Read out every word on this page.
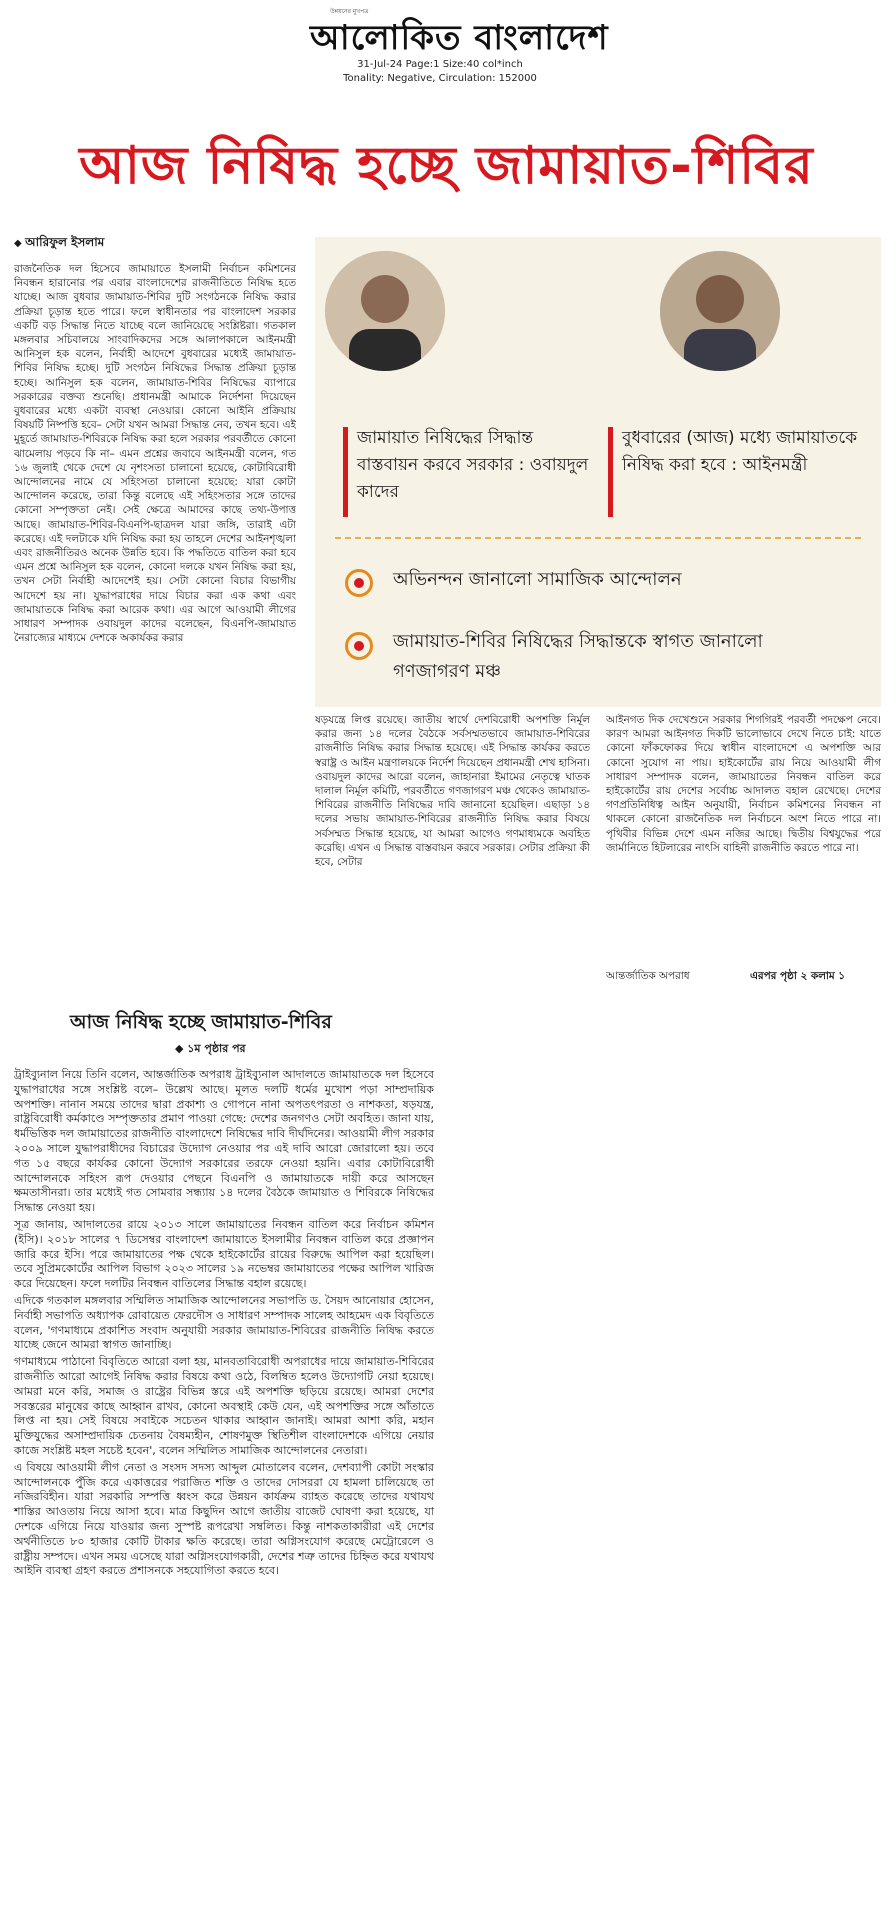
উন্নয়নের মুখপত্র
আলোকিত বাংলাদেশ
31-Jul-24 Page:1 Size:40 col*inch
Tonality: Negative, Circulation: 152000
আজ নিষিদ্ধ হচ্ছে জামায়াত-শিবির
◆ আরিফুল ইসলাম
রাজনৈতিক দল হিসেবে জামায়াতে ইসলামী নির্বাচন কমিশনের নিবন্ধন হারানোর পর এবার বাংলাদেশের রাজনীতিতে নিষিদ্ধ হতে যাচ্ছে। আজ বুধবার জামায়াত-শিবির দুটি সংগঠনকে নিষিদ্ধ করার প্রক্রিয়া চূড়ান্ত হতে পারে। ফলে স্বাধীনতার পর বাংলাদেশ সরকার একটি বড় সিদ্ধান্ত নিতে যাচ্ছে বলে জানিয়েছে সংশ্লিষ্টরা। গতকাল মঙ্গলবার সচিবালয়ে সাংবাদিকদের সঙ্গে আলাপকালে আইনমন্ত্রী আনিসুল হক বলেন, নির্বাহী আদেশে বুধবারের মধ্যেই জামায়াত-শিবির নিষিদ্ধ হচ্ছে। দুটি সংগঠন নিষিদ্ধের সিদ্ধান্ত প্রক্রিয়া চূড়ান্ত হচ্ছে। আনিসুল হক বলেন, জামায়াত-শিবির নিষিদ্ধের ব্যাপারে সরকারের বক্তব্য শুনেছি। প্রধানমন্ত্রী আমাকে নির্দেশনা দিয়েছেন বুধবারের মধ্যে একটা ব্যবস্থা নেওয়ার। কোনো আইনি প্রক্রিয়ায় বিষয়টি নিষ্পত্তি হবে– সেটা যখন আমরা সিদ্ধান্ত নেব, তখন হবে। এই মুহূর্তে জামায়াত-শিবিরকে নিষিদ্ধ করা হলে সরকার পরবর্তীতে কোনো ঝামেলায় পড়বে কি না– এমন প্রশ্নের জবাবে আইনমন্ত্রী বলেন, গত ১৬ জুলাই থেকে দেশে যে নৃশংসতা চালানো হয়েছে, কোটাবিরোধী আন্দোলনের নামে যে সহিংসতা চালানো হয়েছে: যারা কোটা আন্দোলন করেছে, তারা কিন্তু বলেছে এই সহিংসতার সঙ্গে তাদের কোনো সম্পৃক্ততা নেই। সেই ক্ষেত্রে আমাদের কাছে তথ্য-উপাত্ত আছে। জামায়াত-শিবির-বিএনপি-ছাত্রদল যারা জঙ্গি, তারাই এটা করেছে। এই দলটাকে যদি নিষিদ্ধ করা হয় তাহলে দেশের আইনশৃঙ্খলা এবং রাজনীতিরও অনেক উন্নতি হবে। কি পদ্ধতিতে বাতিল করা হবে এমন প্রশ্নে আনিসুল হক বলেন, কোনো দলকে যখন নিষিদ্ধ করা হয়, তখন সেটা নির্বাহী আদেশেই হয়। সেটা কোনো বিচার বিভাগীয় আদেশে হয় না। যুদ্ধাপরাধের দায়ে বিচার করা এক কথা এবং জামায়াতকে নিষিদ্ধ করা আরেক কথা। এর আগে আওয়ামী লীগের সাধারণ সম্পাদক ওবায়দুল কাদের বলেছেন, বিএনপি-জামায়াত নৈরাজ্যের মাধ্যমে দেশকে অকার্যকর করার
জামায়াত নিষিদ্ধের সিদ্ধান্ত বাস্তবায়ন করবে সরকার : ওবায়দুল কাদের
বুধবারের (আজ) মধ্যে জামায়াতকে নিষিদ্ধ করা হবে : আইনমন্ত্রী
অভিনন্দন জানালো সামাজিক আন্দোলন
জামায়াত-শিবির নিষিদ্ধের সিদ্ধান্তকে স্বাগত জানালো গণজাগরণ মঞ্চ
ষড়যন্ত্রে লিপ্ত রয়েছে। জাতীয় স্বার্থে দেশবিরোধী অপশক্তি নির্মূল করার জন্য ১৪ দলের বৈঠকে সর্বসম্মতভাবে জামায়াত-শিবিরের রাজনীতি নিষিদ্ধ করার সিদ্ধান্ত হয়েছে। এই সিদ্ধান্ত কার্যকর করতে স্বরাষ্ট্র ও আইন মন্ত্রণালয়কে নির্দেশ দিয়েছেন প্রধানমন্ত্রী শেখ হাসিনা। ওবায়দুল কাদের আরো বলেন, জাহানারা ইমামের নেতৃত্বে ঘাতক দালাল নির্মূল কমিটি, পরবর্তীতে গণজাগরণ মঞ্চ থেকেও জামায়াত-শিবিরের রাজনীতি নিষিদ্ধের দাবি জানানো হয়েছিল। এছাড়া ১৪ দলের সভায় জামায়াত-শিবিরের রাজনীতি নিষিদ্ধ করার বিষয়ে সর্বসম্মত সিদ্ধান্ত হয়েছে, যা আমরা আগেও গণমাধ্যমকে অবহিত করেছি। এখন এ সিদ্ধান্ত বাস্তবায়ন করবে সরকার। সেটার প্রক্রিয়া কী হবে, সেটার
আইনগত দিক দেখেশুনে সরকার শিগগিরই পরবর্তী পদক্ষেপ নেবে। কারণ আমরা আইনগত দিকটি ভালোভাবে দেখে নিতে চাই: যাতে কোনো ফাঁকফোকর দিয়ে স্বাধীন বাংলাদেশে এ অপশক্তি আর কোনো সুযোগ না পায়। হাইকোর্টের রায় নিয়ে আওয়ামী লীগ সাধারণ সম্পাদক বলেন, জামায়াতের নিবন্ধন বাতিল করে হাইকোর্টের রায় দেশের সর্বোচ্চ আদালত বহাল রেখেছে। দেশের গণপ্রতিনিধিত্ব আইন অনুযায়ী, নির্বাচন কমিশনের নিবন্ধন না থাকলে কোনো রাজনৈতিক দল নির্বাচনে অংশ নিতে পারে না। পৃথিবীর বিভিন্ন দেশে এমন নজির আছে। দ্বিতীয় বিশ্বযুদ্ধের পরে জার্মানিতে হিটলারের নাৎসি বাহিনী রাজনীতি করতে পারে না।
আন্তর্জাতিক অপরাধ	এরপর পৃষ্ঠা ২ কলাম ১
আজ নিষিদ্ধ হচ্ছে জামায়াত-শিবির
◆ ১ম পৃষ্ঠার পর

ট্রাইব্যুনাল নিয়ে তিনি বলেন, আন্তর্জাতিক অপরাধ ট্রাইব্যুনাল আদালতে জামায়াতকে দল হিসেবে যুদ্ধাপরাধের সঙ্গে সংশ্লিষ্ট বলে– উল্লেখ আছে। মূলত দলটি ধর্মের মুখোশ পড়া সাম্প্রদায়িক অপশক্তি। নানান সময়ে তাদের দ্বারা প্রকাশ্য ও গোপনে নানা অপতৎপরতা ও নাশকতা, ষড়যন্ত্র, রাষ্ট্রবিরোধী কর্মকাণ্ডে সম্পৃক্ততার প্রমাণ পাওয়া গেছে: দেশের জনগণও সেটা অবহিত। জানা যায়, ধর্মভিত্তিক দল জামায়াতের রাজনীতি বাংলাদেশে নিষিদ্ধের দাবি দীর্ঘদিনের। আওয়ামী লীগ সরকার ২০০৯ সালে যুদ্ধাপরাধীদের বিচারের উদ্যোগ নেওয়ার পর এই দাবি আরো জোরালো হয়। তবে গত ১৫ বছরে কার্যকর কোনো উদ্যোগ সরকারের তরফে নেওয়া হয়নি। এবার কোটাবিরোধী আন্দোলনকে সহিংস রূপ দেওয়ার পেছনে বিএনপি ও জামায়াতকে দায়ী করে আসছেন ক্ষমতাসীনরা। তার মধ্যেই গত সোমবার সন্ধ্যায় ১৪ দলের বৈঠকে জামায়াত ও শিবিরকে নিষিদ্ধের সিদ্ধান্ত নেওয়া হয়।

সূত্র জানায়, আদালতের রায়ে ২০১৩ সালে জামায়াতের নিবন্ধন বাতিল করে নির্বাচন কমিশন (ইসি)। ২০১৮ সালের ৭ ডিসেম্বর বাংলাদেশ জামায়াতে ইসলামীর নিবন্ধন বাতিল করে প্রজ্ঞাপন জারি করে ইসি। পরে জামায়াতের পক্ষ থেকে হাইকোর্টের রায়ের বিরুদ্ধে আপিল করা হয়েছিল। তবে সুপ্রিমকোর্টের আপিল বিভাগ ২০২৩ সালের ১৯ নভেম্বর জামায়াতের পক্ষের আপিল খারিজ করে দিয়েছেন। ফলে দলটির নিবন্ধন বাতিলের সিদ্ধান্ত বহাল রয়েছে।

এদিকে গতকাল মঙ্গলবার সম্মিলিত সামাজিক আন্দোলনের সভাপতি ড. সৈয়দ আনোয়ার হোসেন, নির্বাহী সভাপতি অধ্যাপক রোবায়েত ফেরদৌস ও সাধারণ সম্পাদক সালেহ আহমেদ এক বিবৃতিতে বলেন, 'গণমাধ্যমে প্রকাশিত সংবাদ অনুযায়ী সরকার জামায়াত-শিবিরের রাজনীতি নিষিদ্ধ করতে যাচ্ছে জেনে আমরা স্বাগত জানাচ্ছি।

গণমাধ্যমে পাঠানো বিবৃতিতে আরো বলা হয়, মানবতাবিরোধী অপরাধের দায়ে জামায়াত-শিবিরের রাজনীতি আরো আগেই নিষিদ্ধ করার বিষয়ে কথা ওঠে, বিলম্বিত হলেও উদ্যোগটি নেয়া হয়েছে। আমরা মনে করি, সমাজ ও রাষ্ট্রের বিভিন্ন স্তরে এই অপশক্তি ছড়িয়ে রয়েছে। আমরা দেশের সবস্তরের মানুষের কাছে আহ্বান রাখব, কোনো অবস্থাই কেউ যেন, এই অপশক্তির সঙ্গে আঁতাতে লিপ্ত না হয়। সেই বিষয়ে সবাইকে সচেতন থাকার আহ্বান জানাই। আমরা আশা করি, মহান মুক্তিযুদ্ধের অসাম্প্রদায়িক চেতনায় বৈষম্যহীন, শোষণমুক্ত স্থিতিশীল বাংলাদেশকে এগিয়ে নেয়ার কাজে সংশ্লিষ্ট মহল সচেষ্ট হবেন', বলেন সম্মিলিত সামাজিক আন্দোলনের নেতারা।

এ বিষয়ে আওয়ামী লীগ নেতা ও সংসদ সদস্য আব্দুল মোতালেব বলেন, দেশব্যাপী কোটা সংস্কার আন্দোলনকে পুঁজি করে একাত্তরের পরাজিত শক্তি ও তাদের দোসররা যে হামলা চালিয়েছে তা নজিরবিহীন। যারা সরকারি সম্পত্তি ধ্বংস করে উন্নয়ন কার্যক্রম ব্যাহত করেছে তাদের যথাযথ শাস্তির আওতায় নিয়ে আসা হবে। মাত্র কিছুদিন আগে জাতীয় বাজেট ঘোষণা করা হয়েছে, যা দেশকে এগিয়ে নিয়ে যাওয়ার জন্য সুস্পষ্ট রূপরেখা সম্বলিত। কিন্তু নাশকতাকারীরা এই দেশের অর্থনীতিতে ৮০ হাজার কোটি টাকার ক্ষতি করেছে। তারা অগ্নিসংযোগ করেছে মেট্রোরেলে ও রাষ্ট্রীয় সম্পদে। এখন সময় এসেছে যারা অগ্নিসংযোগকারী, দেশের শত্রু তাদের চিহ্নিত করে যথাযথ আইনি ব্যবস্থা গ্রহণ করতে প্রশাসনকে সহযোগিতা করতে হবে।
